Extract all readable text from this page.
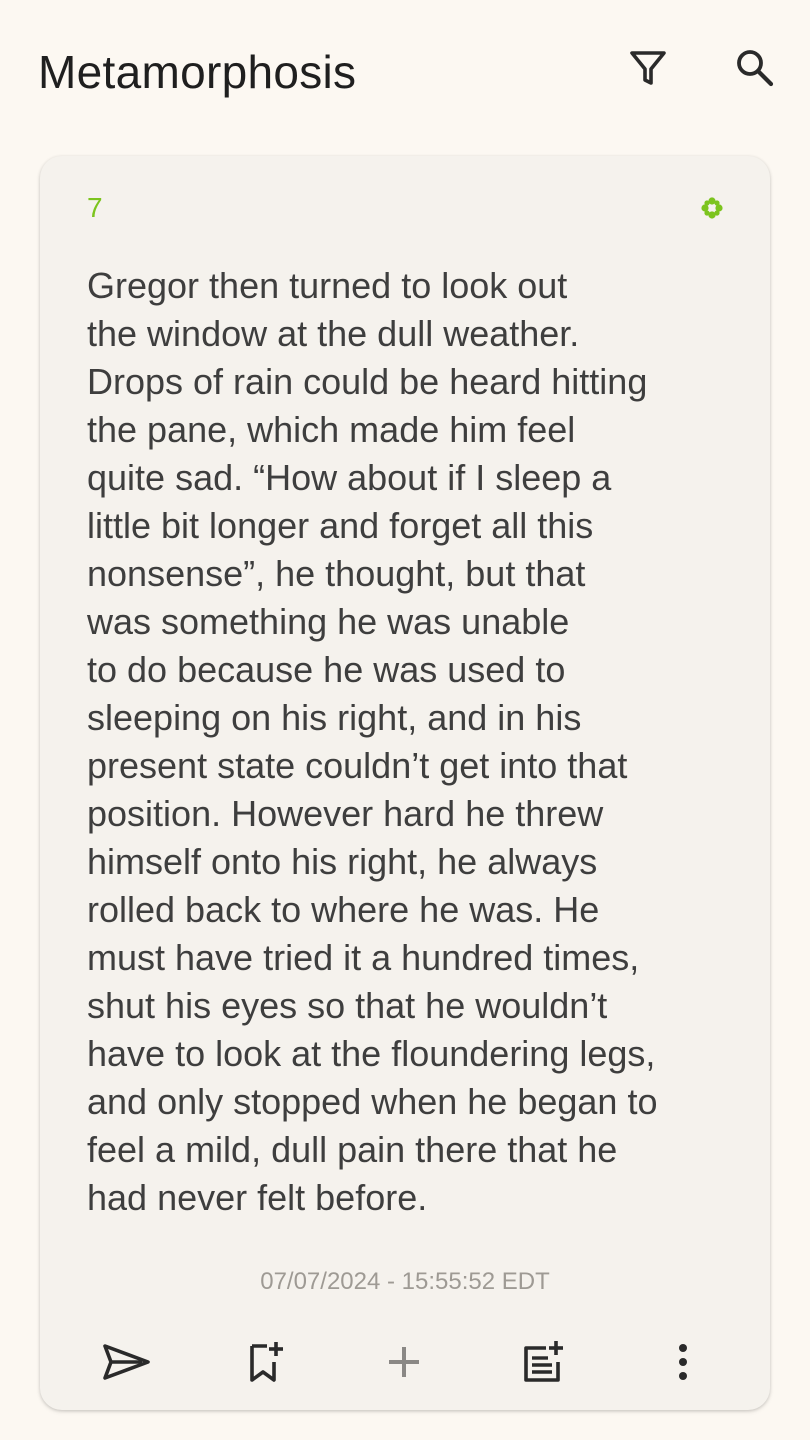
Metamorphosis
7

Gregor then turned to look out
the window at the dull weather.
Drops of rain could be heard hitting
the pane, which made him feel
quite sad. “How about if I sleep a
little bit longer and forget all this
nonsense”, he thought, but that
was something he was unable
to do because he was used to
sleeping on his right, and in his
present state couldn’t get into that
position. However hard he threw
himself onto his right, he always
rolled back to where he was. He
must have tried it a hundred times,
shut his eyes so that he wouldn’t
have to look at the floundering legs,
and only stopped when he began to
feel a mild, dull pain there that he
had never felt before.

07/07/2024 - 15:55:52 EDT
